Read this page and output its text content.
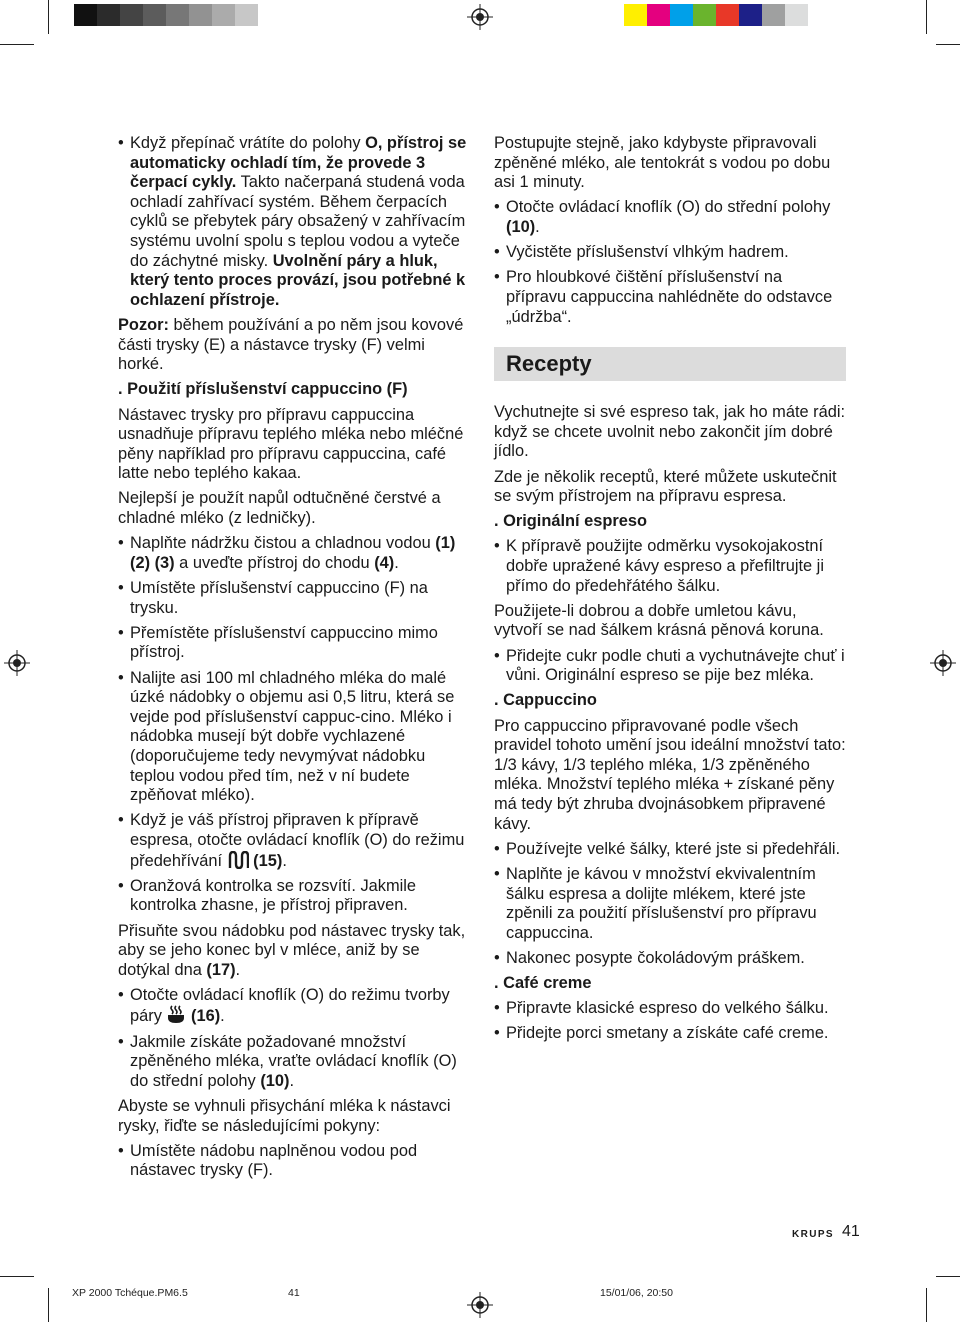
• Když přepínač vrátíte do polohy O, přístroj se automaticky ochladí tím, že provede 3 čerpací cykly. Takto načerpaná studená voda ochladí zahřívací systém. Během čerpacích cyklů se přebytek páry obsažený v zahřívacím systému uvolní spolu s teplou vodou a vyteče do záchytné misky. Uvolnění páry a hluk, který tento proces provází, jsou potřebné k ochlazení přístroje.

Pozor: během používání a po něm jsou kovové části trysky (E) a nástavce trysky (F) velmi horké.

. Použití příslušenství cappuccino (F)

Nástavec trysky pro přípravu cappuccina usnadňuje přípravu teplého mléka nebo mléčné pěny například pro přípravu cappuccina, café latte nebo teplého kakaa.

Nejlepší je použít napůl odtučněné čerstvé a chladné mléko (z ledničky).

• Naplňte nádržku čistou a chladnou vodou (1) (2) (3) a uveďte přístroj do chodu (4).
• Umístěte příslušenství cappuccino (F) na trysku.
• Přemístěte příslušenství cappuccino mimo přístroj.
• Nalijte asi 100 ml chladného mléka do malé úzké nádobky o objemu asi 0,5 litru, která se vejde pod příslušenství cappuc-cino. Mléko i nádobka musejí být dobře vychlazené (doporučujeme tedy nevymývat nádobku teplou vodou před tím, než v ní budete zpěňovat mléko).
• Když je váš přístroj připraven k přípravě espresa, otočte ovládací knoflík (O) do režimu předehřívání  (15).
• Oranžová kontrolka se rozsvítí. Jakmile kontrolka zhasne, je přístroj připraven.

Přisuňte svou nádobku pod nástavec trysky tak, aby se jeho konec byl v mléce, aniž by se dotýkal dna (17).

• Otočte ovládací knoflík (O) do režimu tvorby páry  (16).
• Jakmile získáte požadované množství zpěněného mléka, vraťte ovládací knoflík (O) do střední polohy (10).

Abyste se vyhnuli přisychání mléka k nástavci rysky, řiďte se následujícími pokyny:

• Umístěte nádobu naplněnou vodou pod nástavec trysky (F).

Postupujte stejně, jako kdybyste připravovali zpěněné mléko, ale tentokrát s vodou po dobu asi 1 minuty.

• Otočte ovládací knoflík (O) do střední polohy (10).
• Vyčistěte příslušenství vlhkým hadrem.
• Pro hloubkové čištění příslušenství na přípravu cappuccina nahlédněte do odstavce „údržba“.
Recepty

Vychutnejte si své espreso tak, jak ho máte rádi: když se chcete uvolnit nebo zakončit jím dobré jídlo.

Zde je několik receptů, které můžete uskutečnit se svým přístrojem na přípravu espresa.

. Originální espreso

• K přípravě použijte odměrku vysokojakostní dobře upražené kávy espreso a přefiltrujte ji přímo do předehřátého šálku.

Použijete-li dobrou a dobře umletou kávu, vytvoří se nad šálkem krásná pěnová koruna.

• Přidejte cukr podle chuti a vychutnávejte chuť i vůni. Originální espreso se pije bez mléka.

. Cappuccino

Pro cappuccino připravované podle všech pravidel tohoto umění jsou ideální množství tato: 1/3 kávy, 1/3 teplého mléka, 1/3 zpěněného mléka. Množství teplého mléka + získané pěny má tedy být zhruba dvojnásobkem připravené kávy.

• Používejte velké šálky, které jste si předehřáli.
• Naplňte je kávou v množství ekvivalentním šálku espresa a dolijte mlékem, které jste zpěnili za použití příslušenství pro přípravu cappuccina.
• Nakonec posypte čokoládovým práškem.

. Café creme

• Připravte klasické espreso do velkého šálku.
• Přidejte porci smetany a získáte café creme.
KRUPS 41
XP 2000 Tchéque.PM6.5	41	15/01/06, 20:50
